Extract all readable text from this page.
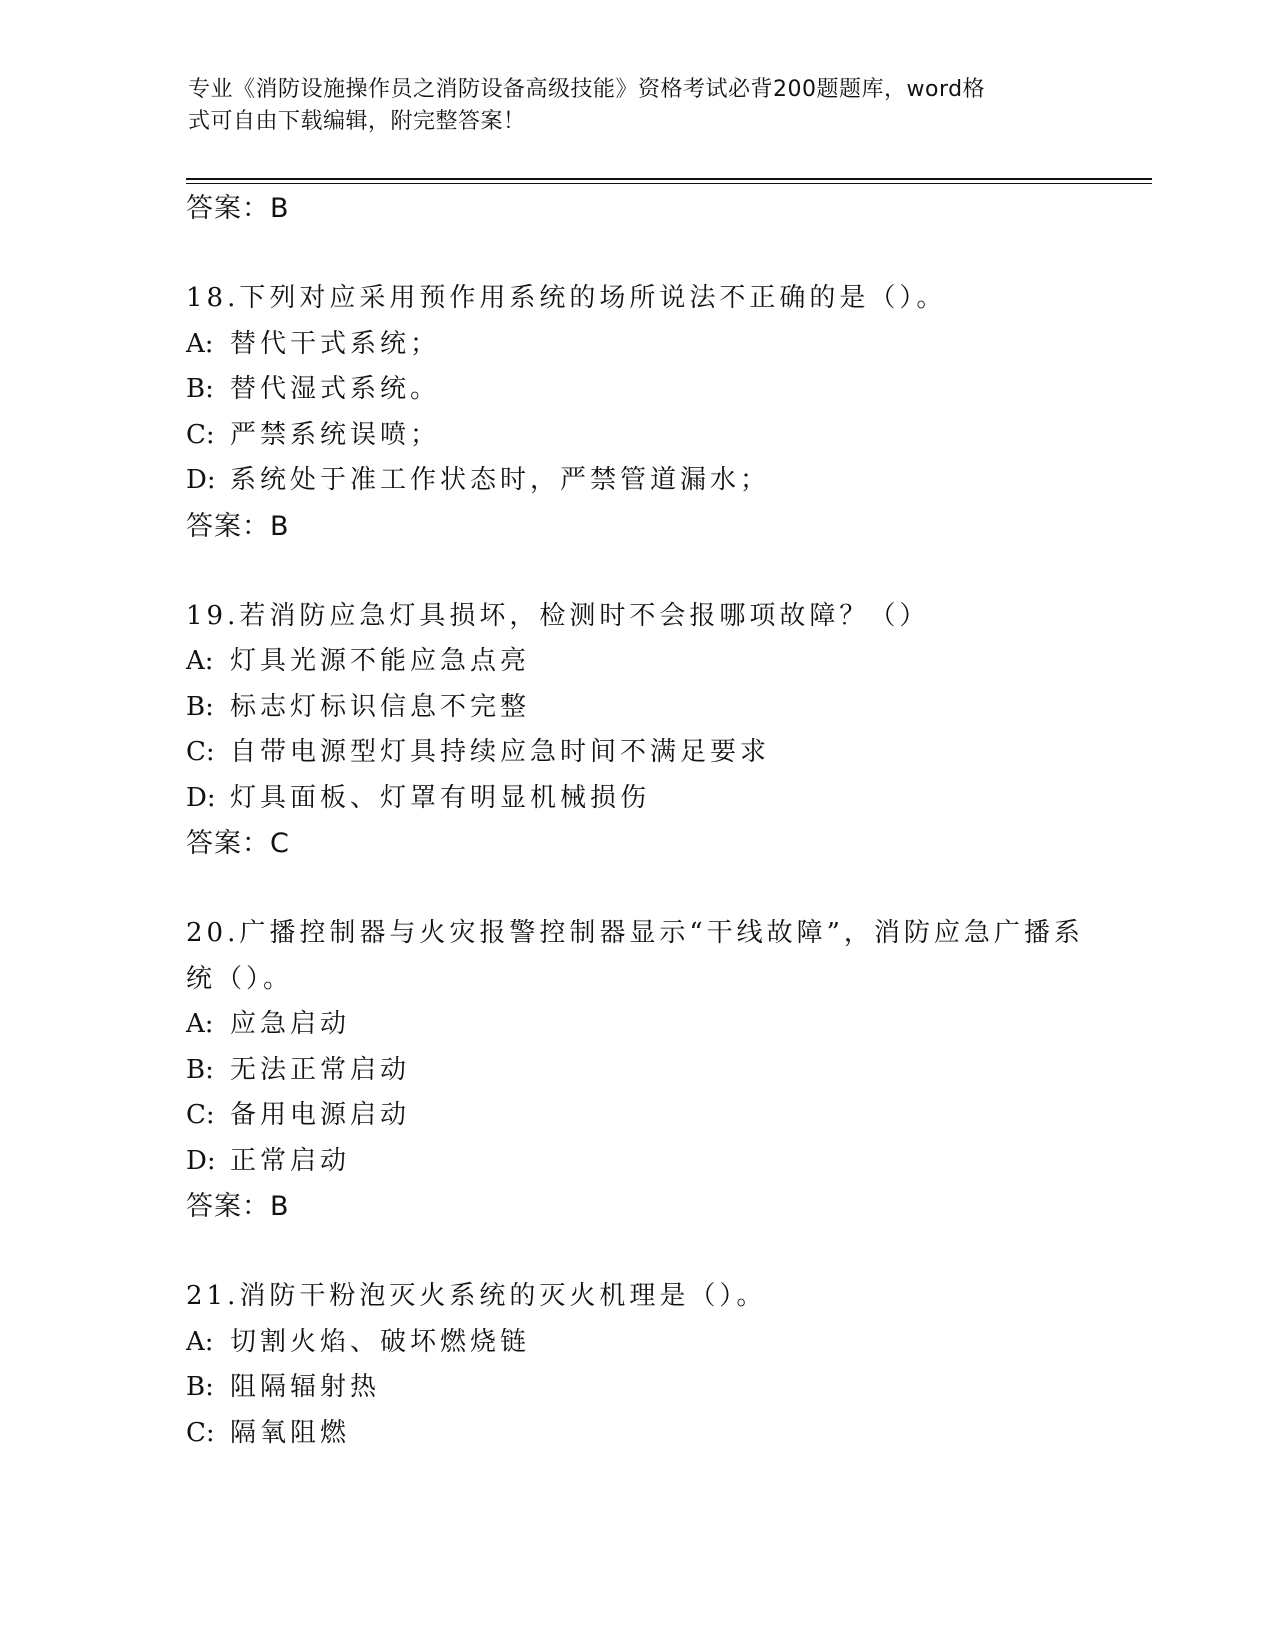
专业《消防设施操作员之消防设备高级技能》资格考试必背200题题库，word格
式可自由下载编辑，附完整答案！

答案：B

18.下列对应采用预作用系统的场所说法不正确的是（）。

A: 替代干式系统；

B: 替代湿式系统。

C: 严禁系统误喷；

D: 系统处于准工作状态时，严禁管道漏水；

答案：B

19.若消防应急灯具损坏，检测时不会报哪项故障？（）

A: 灯具光源不能应急点亮

B: 标志灯标识信息不完整

C: 自带电源型灯具持续应急时间不满足要求

D: 灯具面板、灯罩有明显机械损伤

答案：C

20.广播控制器与火灾报警控制器显示“干线故障”，消防应急广播系

统（）。

A: 应急启动

B: 无法正常启动

C: 备用电源启动

D: 正常启动

答案：B

21.消防干粉泡灭火系统的灭火机理是（）。

A: 切割火焰、破坏燃烧链

B: 阻隔辐射热

C: 隔氧阻燃
